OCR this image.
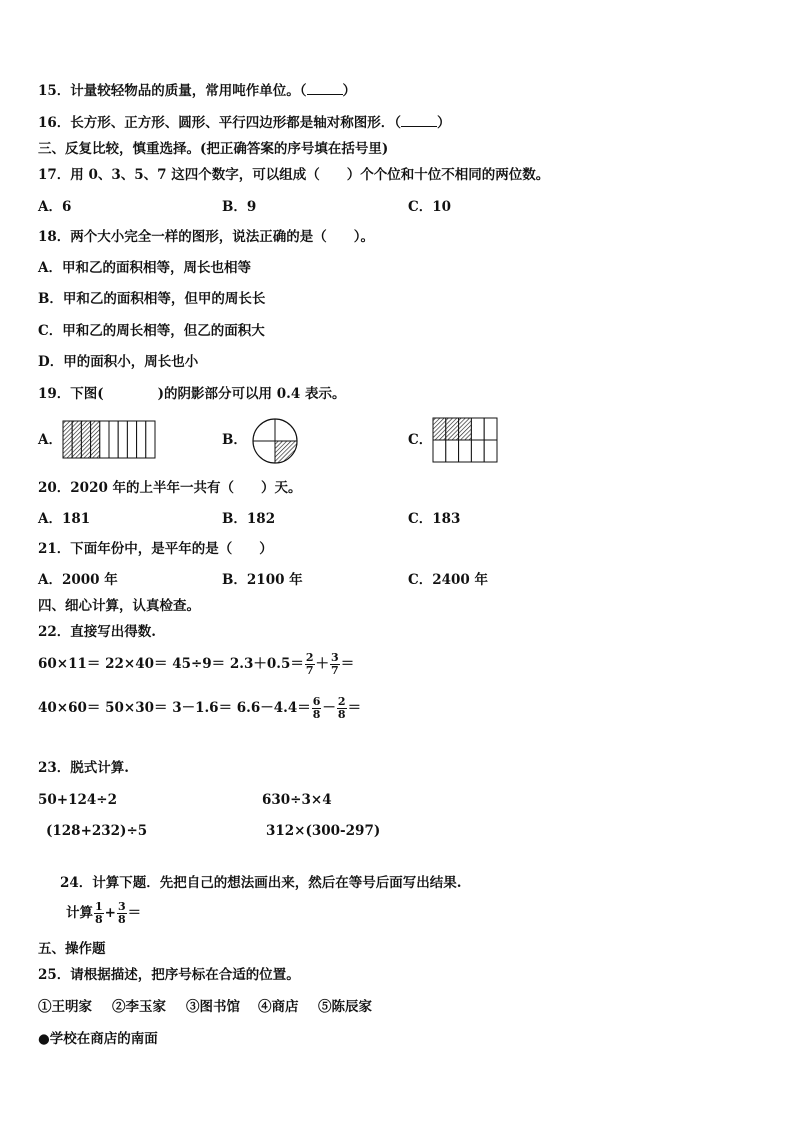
15．计量较轻物品的质量，常用吨作单位。（	）
16．长方形、正方形、圆形、平行四边形都是轴对称图形．（	）
三、反复比较，慎重选择。(把正确答案的序号填在括号里)
17．用 0、3、5、7 这四个数字，可以组成（　　）个个位和十位不相同的两位数。
A．6	B．9	C．10
18．两个大小完全一样的图形，说法正确的是（　　）。
A．甲和乙的面积相等，周长也相等
B．甲和乙的面积相等，但甲的周长长
C．甲和乙的周长相等，但乙的面积大
D．甲的面积小，周长也小
19．下图(　　　　)的阴影部分可以用 0.4 表示。
A．	B．	C．
20．2020 年的上半年一共有（　　）天。
A．181	B．182	C．183
21．下面年份中，是平年的是（　　）
A．2000 年	B．2100 年	C．2400 年
四、细心计算，认真检查。
22．直接写出得数.
$60\times 11= 22\times 40= 45\div 9= 2.3+0.5= \frac{2}{7} + \frac{3}{7}$ ＝
$40\times 60= 50\times 30= 3-1.6= 6.6-4.4= \frac{6}{8} - \frac{2}{8}$ ＝
23．脱式计算.
50+124÷2	630÷3×4
(128+232)÷5	312×(300-297)
24．计算下题．先把自己的想法画出来，然后在等号后面写出结果.
计算 $\frac{1}{8} + \frac{3}{8}$ ＝
五、操作题
25．请根据描述，把序号标在合适的位置。
①王明家 ②李玉家 ③图书馆 ④商店 ⑤陈辰家
●学校在商店的南面
